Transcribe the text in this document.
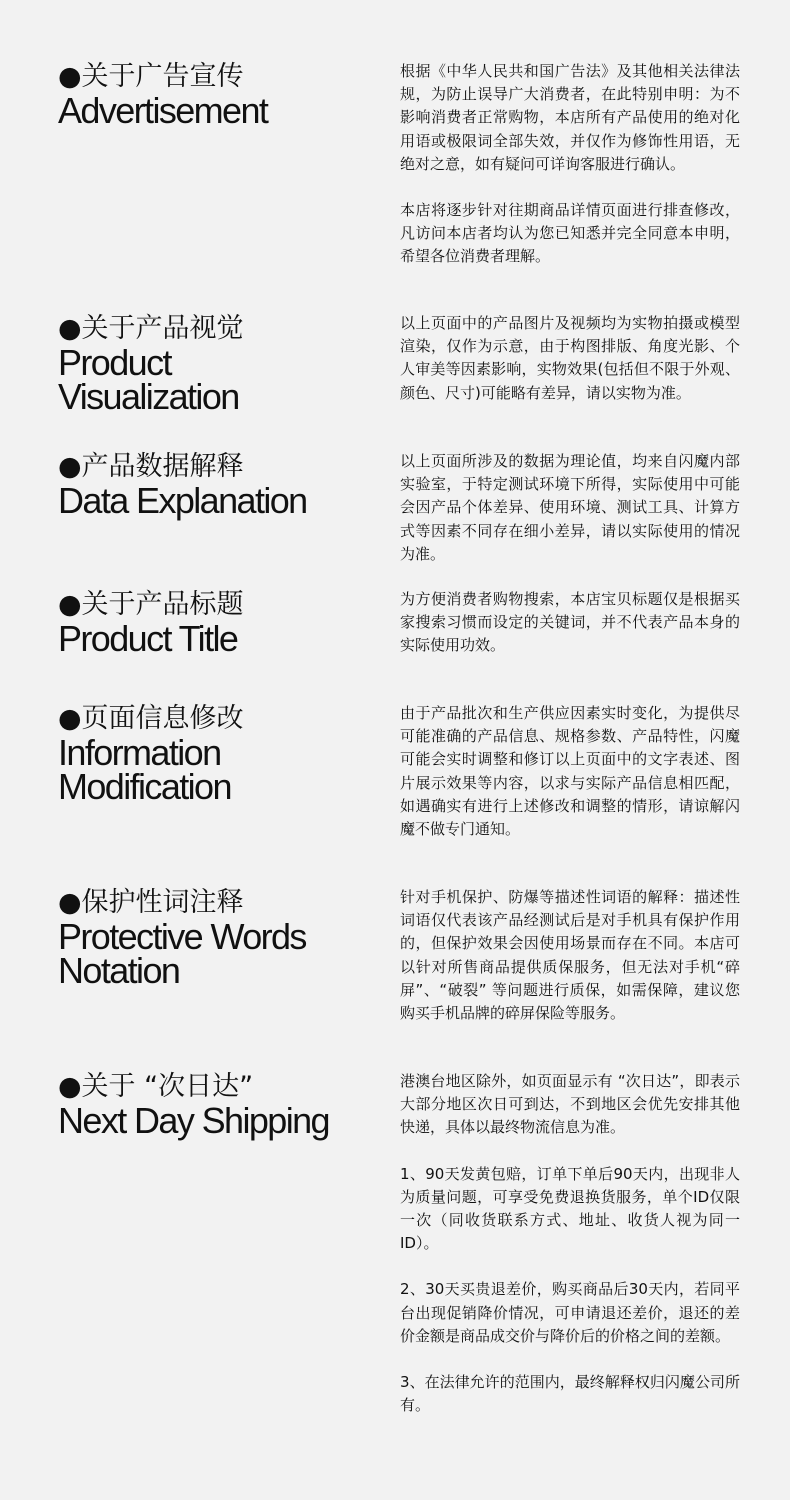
●关于广告宣传
Advertisement

根据《中华人民共和国广告法》及其他相关法律法规，为防止误导广大消费者，在此特别申明：为不影响消费者正常购物，本店所有产品使用的绝对化用语或极限词全部失效，并仅作为修饰性用语，无绝对之意，如有疑问可详询客服进行确认。

本店将逐步针对往期商品详情页面进行排查修改，凡访问本店者均认为您已知悉并完全同意本申明，希望各位消费者理解。

●关于产品视觉
Product
Visualization

以上页面中的产品图片及视频均为实物拍摄或模型渲染，仅作为示意，由于构图排版、角度光影、个人审美等因素影响，实物效果(包括但不限于外观、颜色、尺寸)可能略有差异，请以实物为准。

●产品数据解释
Data Explanation

以上页面所涉及的数据为理论值，均来自闪魔内部实验室，于特定测试环境下所得，实际使用中可能会因产品个体差异、使用环境、测试工具、计算方式等因素不同存在细小差异，请以实际使用的情况为准。

●关于产品标题
Product Title

为方便消费者购物搜索，本店宝贝标题仅是根据买家搜索习惯而设定的关键词，并不代表产品本身的实际使用功效。

●页面信息修改
Information
Modification

由于产品批次和生产供应因素实时变化，为提供尽可能准确的产品信息、规格参数、产品特性，闪魔可能会实时调整和修订以上页面中的文字表述、图片展示效果等内容，以求与实际产品信息相匹配，如遇确实有进行上述修改和调整的情形，请谅解闪魔不做专门通知。

●保护性词注释
Protective Words
Notation

针对手机保护、防爆等描述性词语的解释：描述性词语仅代表该产品经测试后是对手机具有保护作用的，但保护效果会因使用场景而存在不同。本店可以针对所售商品提供质保服务，但无法对手机“碎屏”、“破裂” 等问题进行质保，如需保障，建议您购买手机品牌的碎屏保险等服务。

●关于 “次日达”
Next Day Shipping

港澳台地区除外，如页面显示有 “次日达”，即表示大部分地区次日可到达，不到地区会优先安排其他快递，具体以最终物流信息为准。

1、90天发黄包赔，订单下单后90天内，出现非人为质量问题，可享受免费退换货服务，单个ID仅限一次（同收货联系方式、地址、收货人视为同一ID）。

2、30天买贵退差价，购买商品后30天内，若同平台出现促销降价情况，可申请退还差价，退还的差价金额是商品成交价与降价后的价格之间的差额。

3、在法律允许的范围内，最终解释权归闪魔公司所有。
